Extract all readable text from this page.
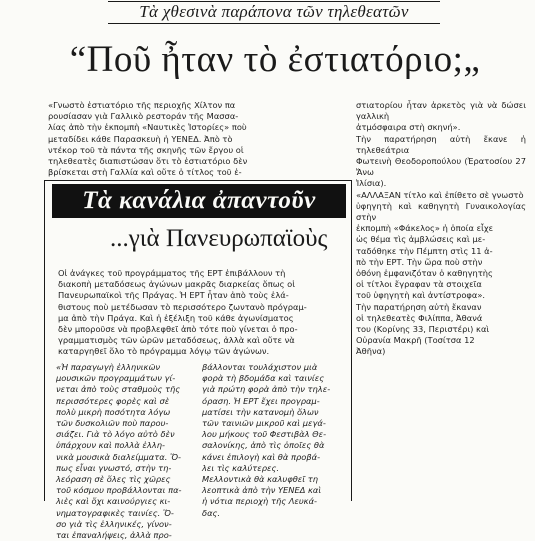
Τὰ χθεσινὰ παράπονα τῶν τηλεθεατῶν
“Ποῦ ἦταν τὸ ἐστιατόριο;„
«Γνωστὸ ἑστιατόριο τῆς περιοχῆς Χίλτον πα
ρουσίασαν γιὰ Γαλλικὸ ρεστοράν τῆς Μασσα-
λίας ἀπὸ τὴν ἐκπομπὴ «Ναυτικὲς Ἱστορίες» ποὺ
μεταδίδει κάθε Παρασκευὴ ἡ ΥΕΝΕΔ. Ἀπὸ τὸ
ντέκορ τοῦ τὰ πάντα τῆς σκηνῆς τῶν ἔργου οἱ
τηλεθεατὲς διαπιστώσαν ὅτι τὸ ἑστιατόριο δὲν
βρίσκεται στὴ Γαλλία καὶ οὔτε ὁ τίτλος τοῦ ἑ-
στιατορίου ἦταν ἀρκετὸς γιὰ νὰ δώσει γαλλικὴ
ἀτμόσφαιρα στὴ σκηνή».
Τὴν παρατήρηση αὐτὴ ἔκανε ἡ τηλεθεάτρια
Φωτεινὴ Θεοδοροπούλου (Ἐρατοσίου 27 Ἄνω
Ἰλίσια).
«ΑΛΛΑΞΑΝ τίτλο καὶ ἐπίθετο σὲ γνωστὸ
ὑφηγητὴ καὶ καθηγητὴ Γυναικολογίας στὴν
ἐκπομπὴ «Φάκελος» ἡ ὁποία εἶχε
ὡς θέμα τὶς ἀμβλώσεις καὶ με-
ταδόθηκε τὴν Πέμπτη στὶς 11 ἀ-
πὸ τὴν ΕΡΤ. Τὴν ὥρα ποὺ στὴν
ὀθόνη ἐμφανιζόταν ὁ καθηγητὴς
οἱ τίτλοι ἔγραφαν τὰ στοιχεῖα
τοῦ ὑφηγητὴ καὶ ἀντίστροφα».
Τὴν παρατήρηση αὐτὴ ἔκαναν
οἱ τηλεθεατὲς Φιλίππα, Ἀθανά
του (Κορίνης 33, Περιστέρι) καὶ
Οὐρανία Μακρῆ (Τοσίτσα 12
Ἀθῆνα)
Τὰ κανάλια ἀπαντοῦν
...γιὰ Πανευρωπαϊοὺς
Οἱ ἀνάγκες τοῦ προγράμματος τῆς ΕΡΤ ἐπιβάλλουν τὴ
διακοπὴ μεταδόσεως ἀγώνων μακρᾶς διαρκείας ὅπως οἱ
Πανευρωπαϊκοὶ τῆς Πράγας. Ἡ ΕΡΤ ἦταν ἀπὸ τοὺς ἐλά-
θιστους ποὺ μετέδωσαν τὸ περισσότερο ζωντανὸ πρόγραμ-
μα ἀπὸ τὴν Πράγα. Καὶ ἡ ἐξέλιξη τοῦ κάθε ἀγωνίσματος
δὲν μποροῦσε νὰ προβλεφθεῖ ἀπὸ τότε ποὺ γίνεται ὁ προ-
γραμματισμὸς τῶν ὡρῶν μεταδόσεως, ἀλλὰ καὶ οὔτε νὰ
καταργηθεῖ ὅλο τὸ πρόγραμμα λόγῳ τῶν ἀγώνων.
«Ἡ παραγωγὴ ἑλληνικῶν
μουσικῶν προγραμμάτων γί-
νεται ἀπὸ τοὺς σταθμοὺς τῆς
περισσότερες φορὲς καὶ σὲ
πολὺ μικρὴ ποσότητα λόγω
τῶν δυσκολιῶν ποὺ παρου-
σιάζει. Γιὰ τὸ λόγο αὐτὸ δὲν
ὑπάρχουν καὶ πολλὰ ἑλλη-
νικὰ μουσικὰ διαλείμματα. Ὅ-
πως εἶναι γνωστό, στὴν τη-
λεόραση σὲ ὅλες τὶς χῶρες
τοῦ κόσμου προβάλλονται πα-
λιὲς καὶ ὄχι καινούργιες κι-
νηματογραφικὲς ταινίες. Ὅ-
σο γιὰ τὶς ἑλληνικές, γίνον-
ται ἐπαναλήψεις, ἀλλὰ προ-
βάλλονται τουλάχιστον μιὰ
φορὰ τὴ βδομάδα καὶ ταινίες
γιὰ πρώτη φορὰ ἀπὸ τὴν τηλε-
όραση. Ἡ ΕΡΤ ἔχει προγραμ-
ματίσει τὴν κατανομὴ ὅλων
τῶν ταινιῶν μικροῦ καὶ μεγά-
λου μήκους τοῦ Φεστιβὰλ Θε-
σαλονίκης, ἀπὸ τὶς ὁποῖες θὰ
κάνει ἐπιλογὴ καὶ θὰ προβά-
λει τὶς καλύτερες.
Μελλοντικὰ θὰ καλυφθεῖ τη
λεοπτικὰ ἀπὸ τὴν ΥΕΝΕΔ καὶ
ἡ νότια περιοχὴ τῆς Λευκά-
δας.
